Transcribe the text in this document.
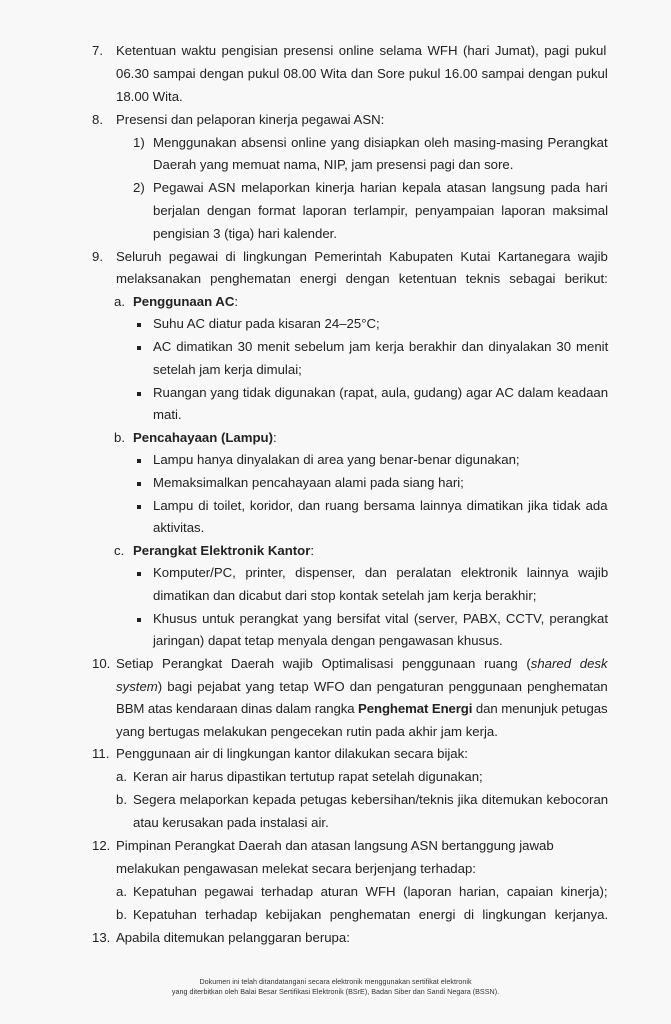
7. Ketentuan waktu pengisian presensi online selama WFH (hari Jumat), pagi pukul
06.30 sampai dengan pukul 08.00 Wita dan Sore pukul 16.00 sampai dengan pukul
18.00 Wita.
8. Presensi dan pelaporan kinerja pegawai ASN:
1) Menggunakan absensi online yang disiapkan oleh masing-masing Perangkat
Daerah yang memuat nama, NIP, jam presensi pagi dan sore.
2) Pegawai ASN melaporkan kinerja harian kepala atasan langsung pada hari
berjalan dengan format laporan terlampir, penyampaian laporan maksimal
pengisian 3 (tiga) hari kalender.
9. Seluruh pegawai di lingkungan Pemerintah Kabupaten Kutai Kartanegara wajib
melaksanakan penghematan energi dengan ketentuan teknis sebagai berikut:
a. Penggunaan AC:
Suhu AC diatur pada kisaran 24–25°C;
AC dimatikan 30 menit sebelum jam kerja berakhir dan dinyalakan 30 menit
setelah jam kerja dimulai;
Ruangan yang tidak digunakan (rapat, aula, gudang) agar AC dalam keadaan
mati.
b. Pencahayaan (Lampu):
Lampu hanya dinyalakan di area yang benar-benar digunakan;
Memaksimalkan pencahayaan alami pada siang hari;
Lampu di toilet, koridor, dan ruang bersama lainnya dimatikan jika tidak ada
aktivitas.
c. Perangkat Elektronik Kantor:
Komputer/PC, printer, dispenser, dan peralatan elektronik lainnya wajib
dimatikan dan dicabut dari stop kontak setelah jam kerja berakhir;
Khusus untuk perangkat yang bersifat vital (server, PABX, CCTV, perangkat
jaringan) dapat tetap menyala dengan pengawasan khusus.
10. Setiap Perangkat Daerah wajib Optimalisasi penggunaan ruang (shared desk
system) bagi pejabat yang tetap WFO dan pengaturan penggunaan penghematan
BBM atas kendaraan dinas dalam rangka Penghemat Energi dan menunjuk petugas
yang bertugas melakukan pengecekan rutin pada akhir jam kerja.
11. Penggunaan air di lingkungan kantor dilakukan secara bijak:
a. Keran air harus dipastikan tertutup rapat setelah digunakan;
b. Segera melaporkan kepada petugas kebersihan/teknis jika ditemukan kebocoran
atau kerusakan pada instalasi air.
12. Pimpinan Perangkat Daerah dan atasan langsung ASN bertanggung jawab
melakukan pengawasan melekat secara berjenjang terhadap:
a. Kepatuhan pegawai terhadap aturan WFH (laporan harian, capaian kinerja);
b. Kepatuhan terhadap kebijakan penghematan energi di lingkungan kerjanya.
13. Apabila ditemukan pelanggaran berupa:
Dokumen ini telah ditandatangani secara elektronik menggunakan sertifikat elektronik
yang diterbitkan oleh Balai Besar Sertifikasi Elektronik (BSrE), Badan Siber dan Sandi Negara (BSSN).
